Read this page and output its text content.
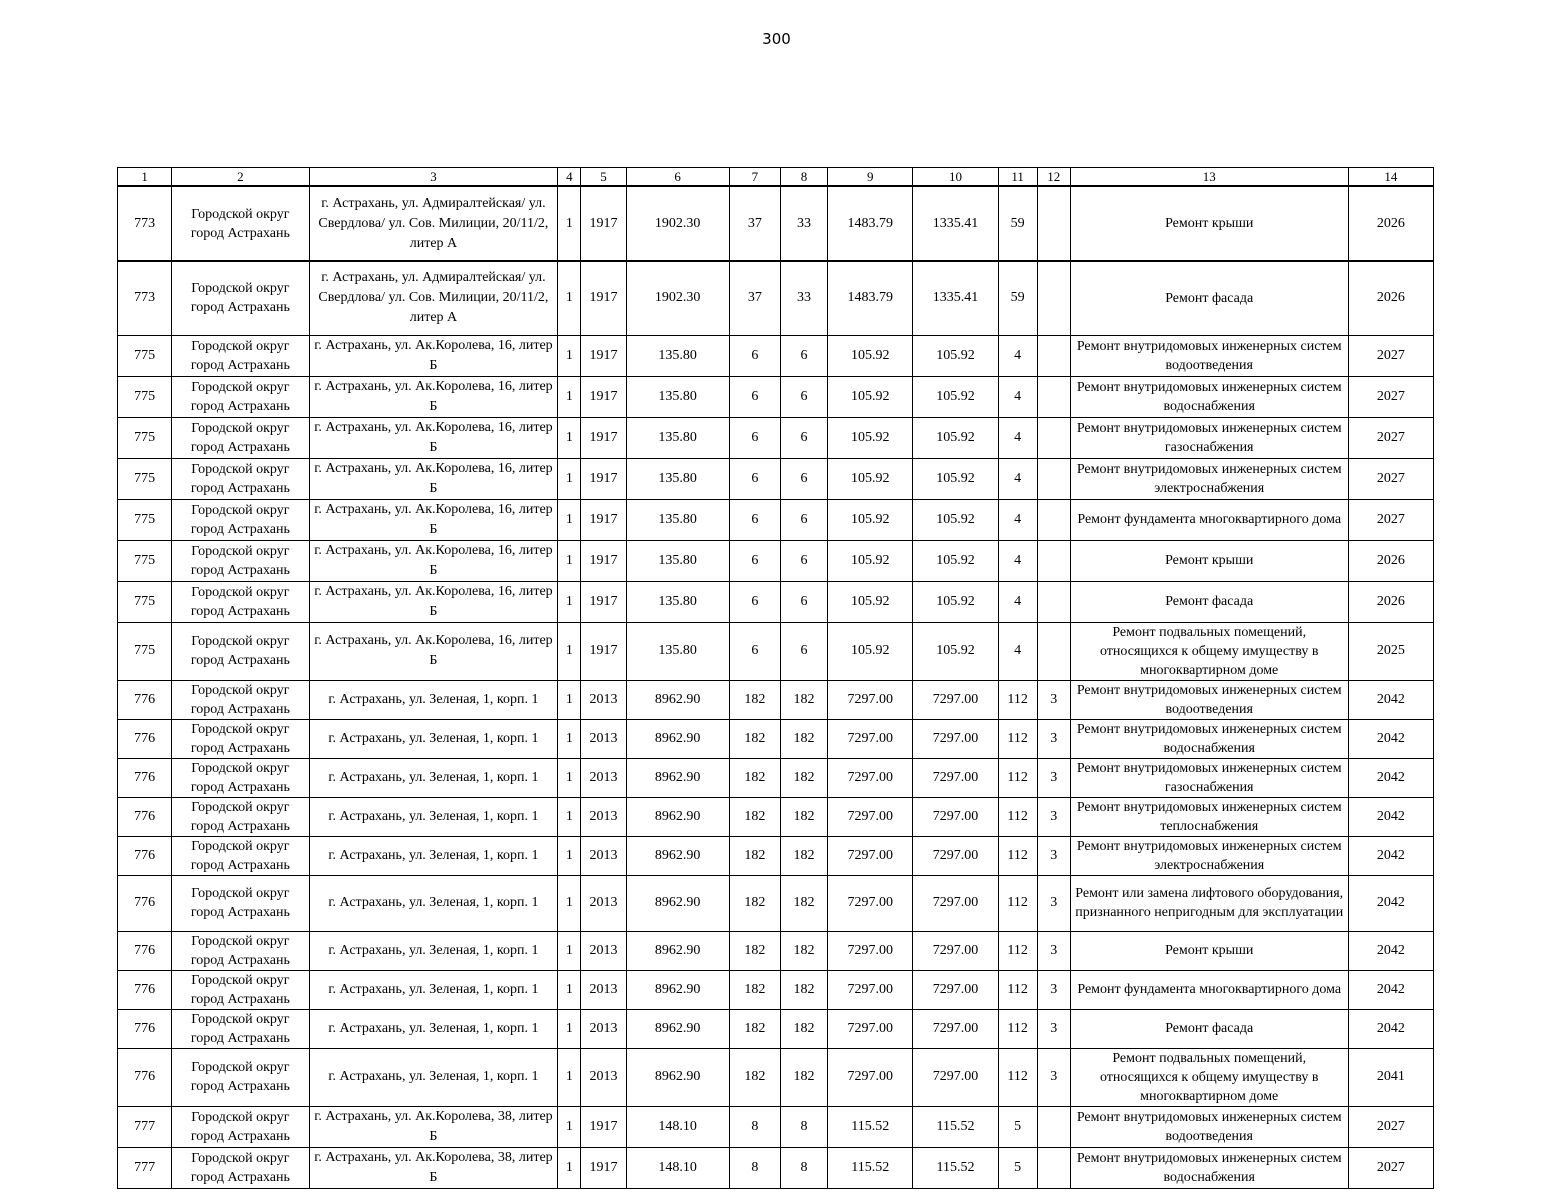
300
1	2	3	4	5	6	7	8	9	10	11	12	13	14
773	Городской округ город Астрахань	г. Астрахань, ул. Адмиралтейская/ ул. Свердлова/ ул. Сов. Милиции, 20/11/2, литер А	1	1917	1902.30	37	33	1483.79	1335.41	59		Ремонт крыши	2026
773	Городской округ город Астрахань	г. Астрахань, ул. Адмиралтейская/ ул. Свердлова/ ул. Сов. Милиции, 20/11/2, литер А	1	1917	1902.30	37	33	1483.79	1335.41	59		Ремонт фасада	2026
775	Городской округ город Астрахань	г. Астрахань, ул. Ак.Королева, 16, литер Б	1	1917	135.80	6	6	105.92	105.92	4		Ремонт внутридомовых инженерных систем водоотведения	2027
775	Городской округ город Астрахань	г. Астрахань, ул. Ак.Королева, 16, литер Б	1	1917	135.80	6	6	105.92	105.92	4		Ремонт внутридомовых инженерных систем водоснабжения	2027
775	Городской округ город Астрахань	г. Астрахань, ул. Ак.Королева, 16, литер Б	1	1917	135.80	6	6	105.92	105.92	4		Ремонт внутридомовых инженерных систем газоснабжения	2027
775	Городской округ город Астрахань	г. Астрахань, ул. Ак.Королева, 16, литер Б	1	1917	135.80	6	6	105.92	105.92	4		Ремонт внутридомовых инженерных систем электроснабжения	2027
775	Городской округ город Астрахань	г. Астрахань, ул. Ак.Королева, 16, литер Б	1	1917	135.80	6	6	105.92	105.92	4		Ремонт фундамента многоквартирного дома	2027
775	Городской округ город Астрахань	г. Астрахань, ул. Ак.Королева, 16, литер Б	1	1917	135.80	6	6	105.92	105.92	4		Ремонт крыши	2026
775	Городской округ город Астрахань	г. Астрахань, ул. Ак.Королева, 16, литер Б	1	1917	135.80	6	6	105.92	105.92	4		Ремонт фасада	2026
775	Городской округ город Астрахань	г. Астрахань, ул. Ак.Королева, 16, литер Б	1	1917	135.80	6	6	105.92	105.92	4		Ремонт подвальных помещений, относящихся к общему имуществу в многоквартирном доме	2025
776	Городской округ город Астрахань	г. Астрахань, ул. Зеленая, 1, корп. 1	1	2013	8962.90	182	182	7297.00	7297.00	112	3	Ремонт внутридомовых инженерных систем водоотведения	2042
776	Городской округ город Астрахань	г. Астрахань, ул. Зеленая, 1, корп. 1	1	2013	8962.90	182	182	7297.00	7297.00	112	3	Ремонт внутридомовых инженерных систем водоснабжения	2042
776	Городской округ город Астрахань	г. Астрахань, ул. Зеленая, 1, корп. 1	1	2013	8962.90	182	182	7297.00	7297.00	112	3	Ремонт внутридомовых инженерных систем газоснабжения	2042
776	Городской округ город Астрахань	г. Астрахань, ул. Зеленая, 1, корп. 1	1	2013	8962.90	182	182	7297.00	7297.00	112	3	Ремонт внутридомовых инженерных систем теплоснабжения	2042
776	Городской округ город Астрахань	г. Астрахань, ул. Зеленая, 1, корп. 1	1	2013	8962.90	182	182	7297.00	7297.00	112	3	Ремонт внутридомовых инженерных систем электроснабжения	2042
776	Городской округ город Астрахань	г. Астрахань, ул. Зеленая, 1, корп. 1	1	2013	8962.90	182	182	7297.00	7297.00	112	3	Ремонт или замена лифтового оборудования, признанного непригодным для эксплуатации	2042
776	Городской округ город Астрахань	г. Астрахань, ул. Зеленая, 1, корп. 1	1	2013	8962.90	182	182	7297.00	7297.00	112	3	Ремонт крыши	2042
776	Городской округ город Астрахань	г. Астрахань, ул. Зеленая, 1, корп. 1	1	2013	8962.90	182	182	7297.00	7297.00	112	3	Ремонт фундамента многоквартирного дома	2042
776	Городской округ город Астрахань	г. Астрахань, ул. Зеленая, 1, корп. 1	1	2013	8962.90	182	182	7297.00	7297.00	112	3	Ремонт фасада	2042
776	Городской округ город Астрахань	г. Астрахань, ул. Зеленая, 1, корп. 1	1	2013	8962.90	182	182	7297.00	7297.00	112	3	Ремонт подвальных помещений, относящихся к общему имуществу в многоквартирном доме	2041
777	Городской округ город Астрахань	г. Астрахань, ул. Ак.Королева, 38, литер Б	1	1917	148.10	8	8	115.52	115.52	5		Ремонт внутридомовых инженерных систем водоотведения	2027
777	Городской округ город Астрахань	г. Астрахань, ул. Ак.Королева, 38, литер Б	1	1917	148.10	8	8	115.52	115.52	5		Ремонт внутридомовых инженерных систем водоснабжения	2027
